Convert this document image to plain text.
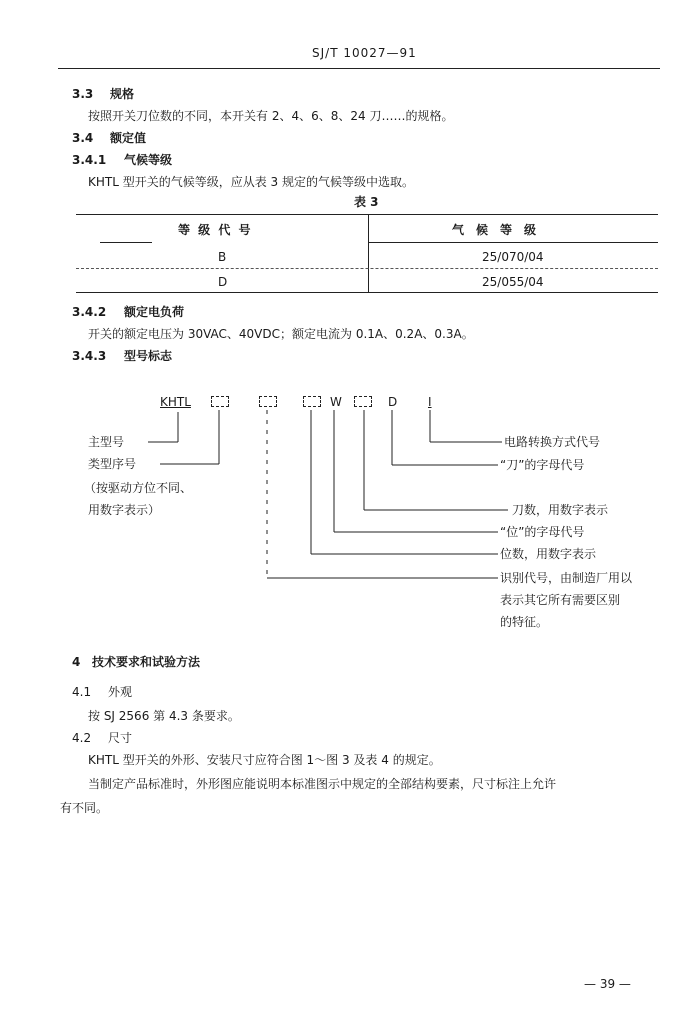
SJ/T 10027—91
3.3 规格
按照开关刀位数的不同，本开关有 2、4、6、8、24 刀……的规格。
3.4 额定值
3.4.1 气候等级
KHTL 型开关的气候等级，应从表 3 规定的气候等级中选取。
表 3
等 级 代 号	气　候　等　级
B	25/070/04
D	25/055/04
3.4.2 额定电负荷
开关的额定电压为 30VAC、40VDC；额定电流为 0.1A、0.2A、0.3A。
3.4.3 型号标志
KHTL	W	D	I
主型号
类型序号
（按驱动方位不同、
用数字表示）
电路转换方式代号
“刀”的字母代号
刀数，用数字表示
“位”的字母代号
位数，用数字表示
识别代号，由制造厂用以
表示其它所有需要区别
的特征。
4 技术要求和试验方法
4.1 外观
按 SJ 2566 第 4.3 条要求。
4.2 尺寸
KHTL 型开关的外形、安装尺寸应符合图 1～图 3 及表 4 的规定。
当制定产品标准时，外形图应能说明本标准图示中规定的全部结构要素，尺寸标注上允许
有不同。
— 39 —
